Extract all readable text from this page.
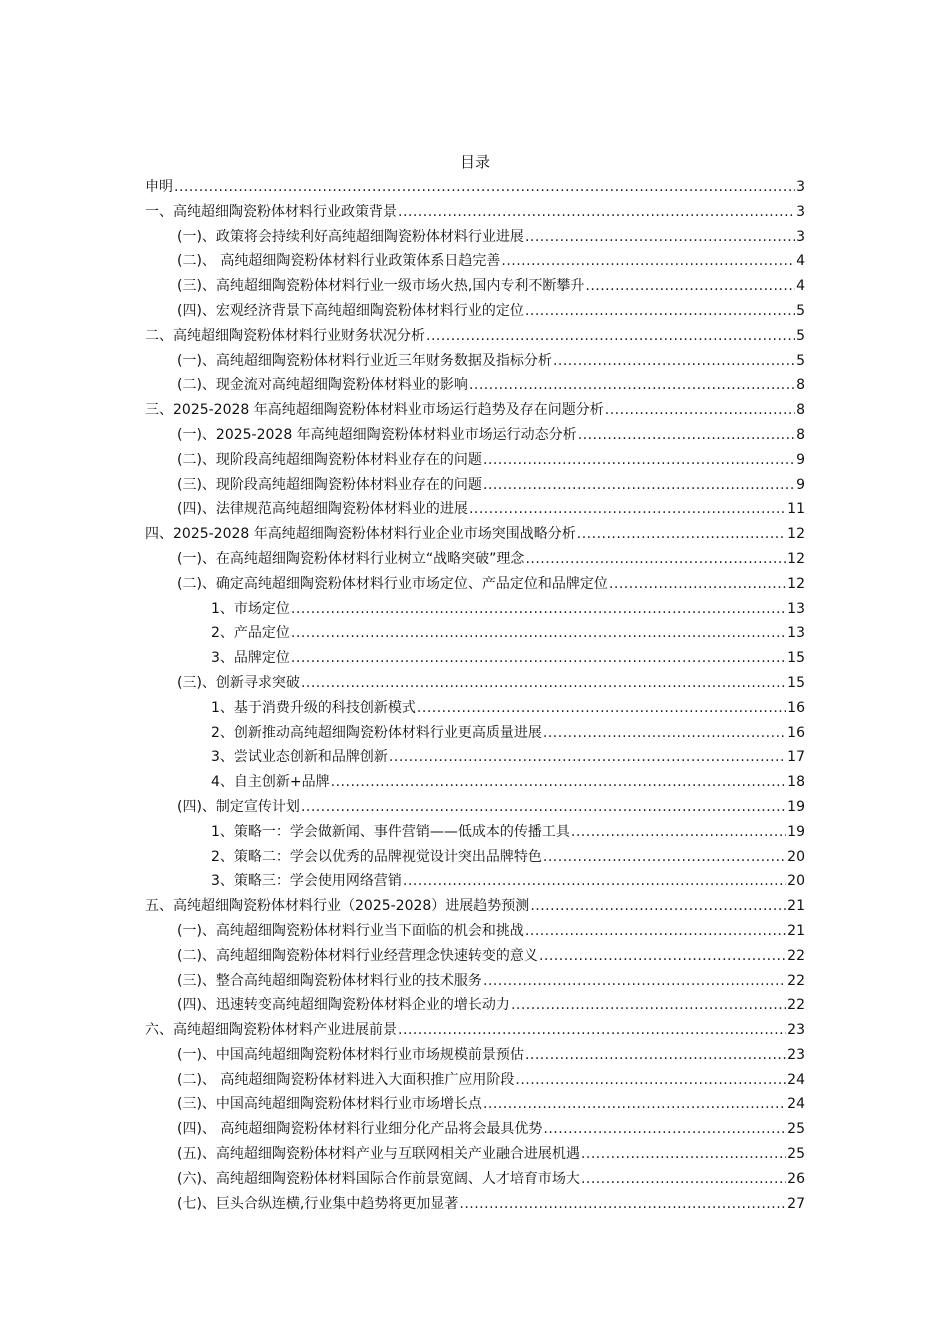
目录
申明 .....	3
一、高纯超细陶瓷粉体材料行业政策背景 .....	3
(一)、政策将会持续利好高纯超细陶瓷粉体材料行业进展 .....	3
(二)、 高纯超细陶瓷粉体材料行业政策体系日趋完善 .....	4
(三)、高纯超细陶瓷粉体材料行业一级市场火热,国内专利不断攀升 .....	4
(四)、宏观经济背景下高纯超细陶瓷粉体材料行业的定位 .....	5
二、高纯超细陶瓷粉体材料行业财务状况分析 .....	5
(一)、高纯超细陶瓷粉体材料行业近三年财务数据及指标分析 .....	5
(二)、现金流对高纯超细陶瓷粉体材料业的影响 .....	8
三、2025-2028 年高纯超细陶瓷粉体材料业市场运行趋势及存在问题分析 .....	8
(一)、2025-2028 年高纯超细陶瓷粉体材料业市场运行动态分析 .....	8
(二)、现阶段高纯超细陶瓷粉体材料业存在的问题 .....	9
(三)、现阶段高纯超细陶瓷粉体材料业存在的问题 .....	9
(四)、法律规范高纯超细陶瓷粉体材料业的进展 .....	11
四、2025-2028 年高纯超细陶瓷粉体材料行业企业市场突围战略分析 .....	12
(一)、在高纯超细陶瓷粉体材料行业树立“战略突破”理念 .....	12
(二)、确定高纯超细陶瓷粉体材料行业市场定位、产品定位和品牌定位 .....	12
1、市场定位 .....	13
2、产品定位 .....	13
3、品牌定位 .....	15
(三)、创新寻求突破 .....	15
1、基于消费升级的科技创新模式 .....	16
2、创新推动高纯超细陶瓷粉体材料行业更高质量进展 .....	16
3、尝试业态创新和品牌创新 .....	17
4、自主创新+品牌 .....	18
(四)、制定宣传计划 .....	19
1、策略一：学会做新闻、事件营销——低成本的传播工具 .....	19
2、策略二：学会以优秀的品牌视觉设计突出品牌特色 .....	20
3、策略三：学会使用网络营销 .....	20
五、高纯超细陶瓷粉体材料行业（2025-2028）进展趋势预测 .....	21
(一)、高纯超细陶瓷粉体材料行业当下面临的机会和挑战 .....	21
(二)、高纯超细陶瓷粉体材料行业经营理念快速转变的意义 .....	22
(三)、整合高纯超细陶瓷粉体材料行业的技术服务 .....	22
(四)、迅速转变高纯超细陶瓷粉体材料企业的增长动力 .....	22
六、高纯超细陶瓷粉体材料产业进展前景 .....	23
(一)、中国高纯超细陶瓷粉体材料行业市场规模前景预估 .....	23
(二)、 高纯超细陶瓷粉体材料进入大面积推广应用阶段 .....	24
(三)、中国高纯超细陶瓷粉体材料行业市场增长点 .....	24
(四)、 高纯超细陶瓷粉体材料行业细分化产品将会最具优势 .....	25
(五)、高纯超细陶瓷粉体材料产业与互联网相关产业融合进展机遇 .....	25
(六)、高纯超细陶瓷粉体材料国际合作前景宽阔、人才培育市场大 .....	26
(七)、巨头合纵连横,行业集中趋势将更加显著 .....	27
